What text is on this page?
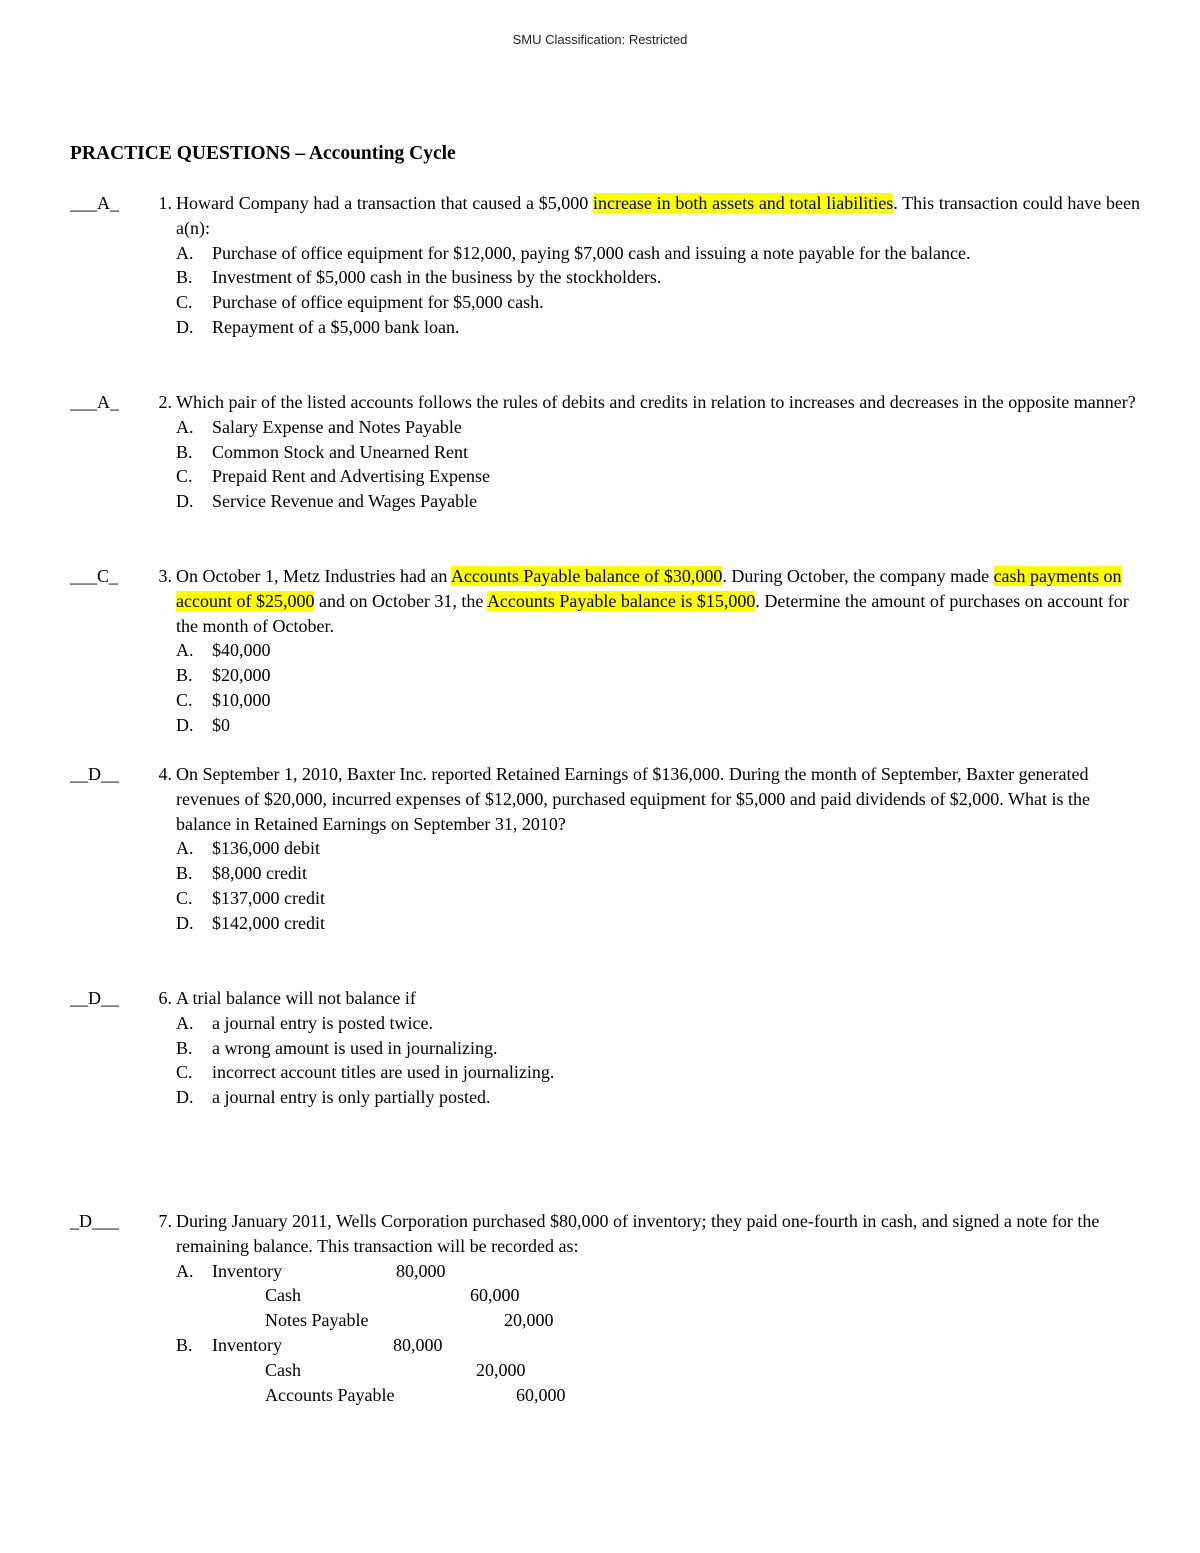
SMU Classification: Restricted
PRACTICE QUESTIONS – Accounting Cycle
___A_	1. Howard Company had a transaction that caused a $5,000 increase in both assets and total liabilities. This transaction could have been a(n):
A. Purchase of office equipment for $12,000, paying $7,000 cash and issuing a note payable for the balance.
B. Investment of $5,000 cash in the business by the stockholders.
C. Purchase of office equipment for $5,000 cash.
D. Repayment of a $5,000 bank loan.
___A_	2. Which pair of the listed accounts follows the rules of debits and credits in relation to increases and decreases in the opposite manner?
A. Salary Expense and Notes Payable
B. Common Stock and Unearned Rent
C. Prepaid Rent and Advertising Expense
D. Service Revenue and Wages Payable
___C_	3. On October 1, Metz Industries had an Accounts Payable balance of $30,000. During October, the company made cash payments on account of $25,000 and on October 31, the Accounts Payable balance is $15,000. Determine the amount of purchases on account for the month of October.
A. $40,000
B. $20,000
C. $10,000
D. $0
__D__	4. On September 1, 2010, Baxter Inc. reported Retained Earnings of $136,000. During the month of September, Baxter generated revenues of $20,000, incurred expenses of $12,000, purchased equipment for $5,000 and paid dividends of $2,000. What is the balance in Retained Earnings on September 31, 2010?
A. $136,000 debit
B. $8,000 credit
C. $137,000 credit
D. $142,000 credit
__D__	6. A trial balance will not balance if
A. a journal entry is posted twice.
B. a wrong amount is used in journalizing.
C. incorrect account titles are used in journalizing.
D. a journal entry is only partially posted.
_D___	7. During January 2011, Wells Corporation purchased $80,000 of inventory; they paid one-fourth in cash, and signed a note for the remaining balance. This transaction will be recorded as:
A. Inventory	80,000
Cash	60,000
Notes Payable	20,000
B. Inventory	80,000
Cash	20,000
Accounts Payable	60,000
